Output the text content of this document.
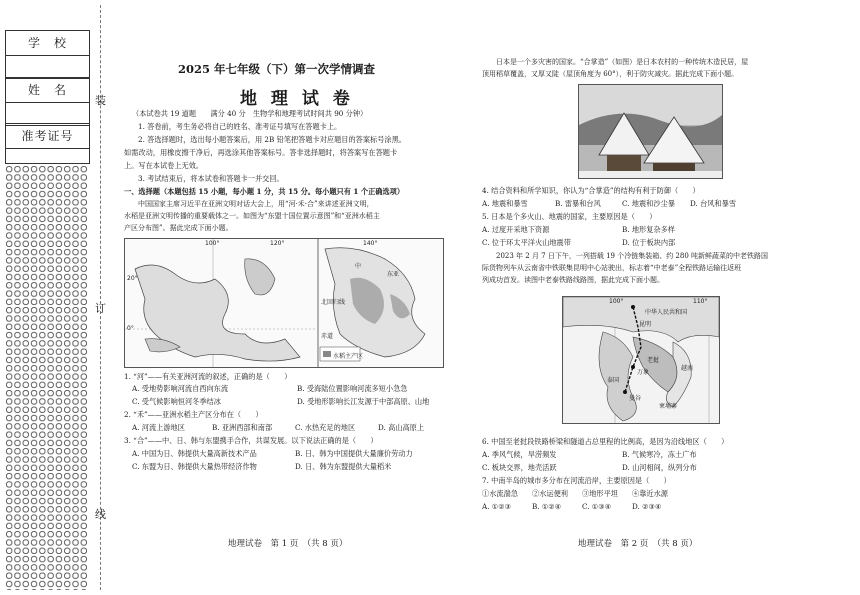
学　校
姓　名
准考证号
装
订
线
2025 年七年级（下）第一次学情调查
地 理 试 卷
（本试卷共 19 道题　　满分 40 分　生物学和地理考试时间共 90 分钟）
1. 答卷前，考生务必将自己的姓名、准考证号填写在答题卡上。
2. 答选择题时，选出每小题答案后，用 2B 铅笔把答题卡对应题目的答案标号涂黑。
如需改动，用橡皮擦干净后，再选涂其他答案标号。答非选择题时，将答案写在答题卡
上。写在本试卷上无效。
3. 考试结束后，将本试卷和答题卡一并交回。
一、选择题（本题包括 15 小题，每小题 1 分，共 15 分。每小题只有 1 个正确选项）
中国国家主席习近平在亚洲文明对话大会上，用“河·禾·合”来讲述亚洲文明，
水稻是亚洲文明传播的重要载体之一。如图为“东盟十国位置示意图”和“亚洲水稻主
产区分布图”。据此完成下面小题。
100°	120°	140°
20°
0°
中
东亚
北回归线
赤道
水稻主产区
1. “河”——有关亚洲河流的叙述，正确的是（　　）
A. 受地势影响河流自西向东流	B. 受海陆位置影响河流多短小急急
C. 受气候影响恒河冬季结冰	D. 受地形影响长江发源于中部高原、山地
2. “禾”——亚洲水稻主产区分布在（　　）
A. 河流上游地区	B. 亚洲西部和南部	C. 水热充足的地区	D. 高山高原上
3. “合”——中、日、韩与东盟携手合作，共谋发展。以下说法正确的是（　　）
A. 中国为日、韩提供大量高新技术产品	B. 日、韩为中国提供大量廉价劳动力
C. 东盟为日、韩提供大量热带经济作物	D. 日、韩为东盟提供大量稻米
地理试卷　第 1 页　（共 8 页）
日本是一个多灾害的国家。“合掌造”（如图）是日本农村的一种传统木造民居，屋
顶用稻草覆盖，又厚又陡（屋顶角度为 60°），利于防灾减灾。据此完成下面小题。
4. 结合资料和所学知识，你认为“合掌造”的结构有利于防御（　　）
A. 地震和暴雪	B. 雷暴和台风	C. 地震和沙尘暴 D. 台风和暴雪
5. 日本是个多火山、地震的国家，主要原因是（　　）
A. 过度开采地下资源	B. 地形复杂多样
C. 位于环太平洋火山地震带	D. 位于板块内部
2023 年 2 月 7 日下午，一列搭载 19 个冷链集装箱、约 280 吨新鲜蔬菜的中老铁路国
际货物列车从云南省中铁联集昆明中心站驶出，标志着“中老泰”全程铁路运输往返班
列成功首发。读图中老泰铁路线路图，据此完成下面小题。
100°	110°
中华人民共和国
昆明
老挝
泰国
万象
曼谷
越南
柬埔寨
6. 中国至老挝段铁路桥梁和隧道占总里程的比例高，是因为沿线地区（　　）
A. 季风气候，旱涝频发	B. 气候寒冷，冻土广布
C. 板块交界，地壳活跃	D. 山河相间，纵列分布
7. 中南半岛的城市多分布在河流沿岸，主要原因是（　　）
①水流湍急 ②水运便利 ③地形平坦 ④靠近水源
A. ①②③	B. ①②④	C. ①③④	D. ②③④
地理试卷　第 2 页　（共 8 页）
